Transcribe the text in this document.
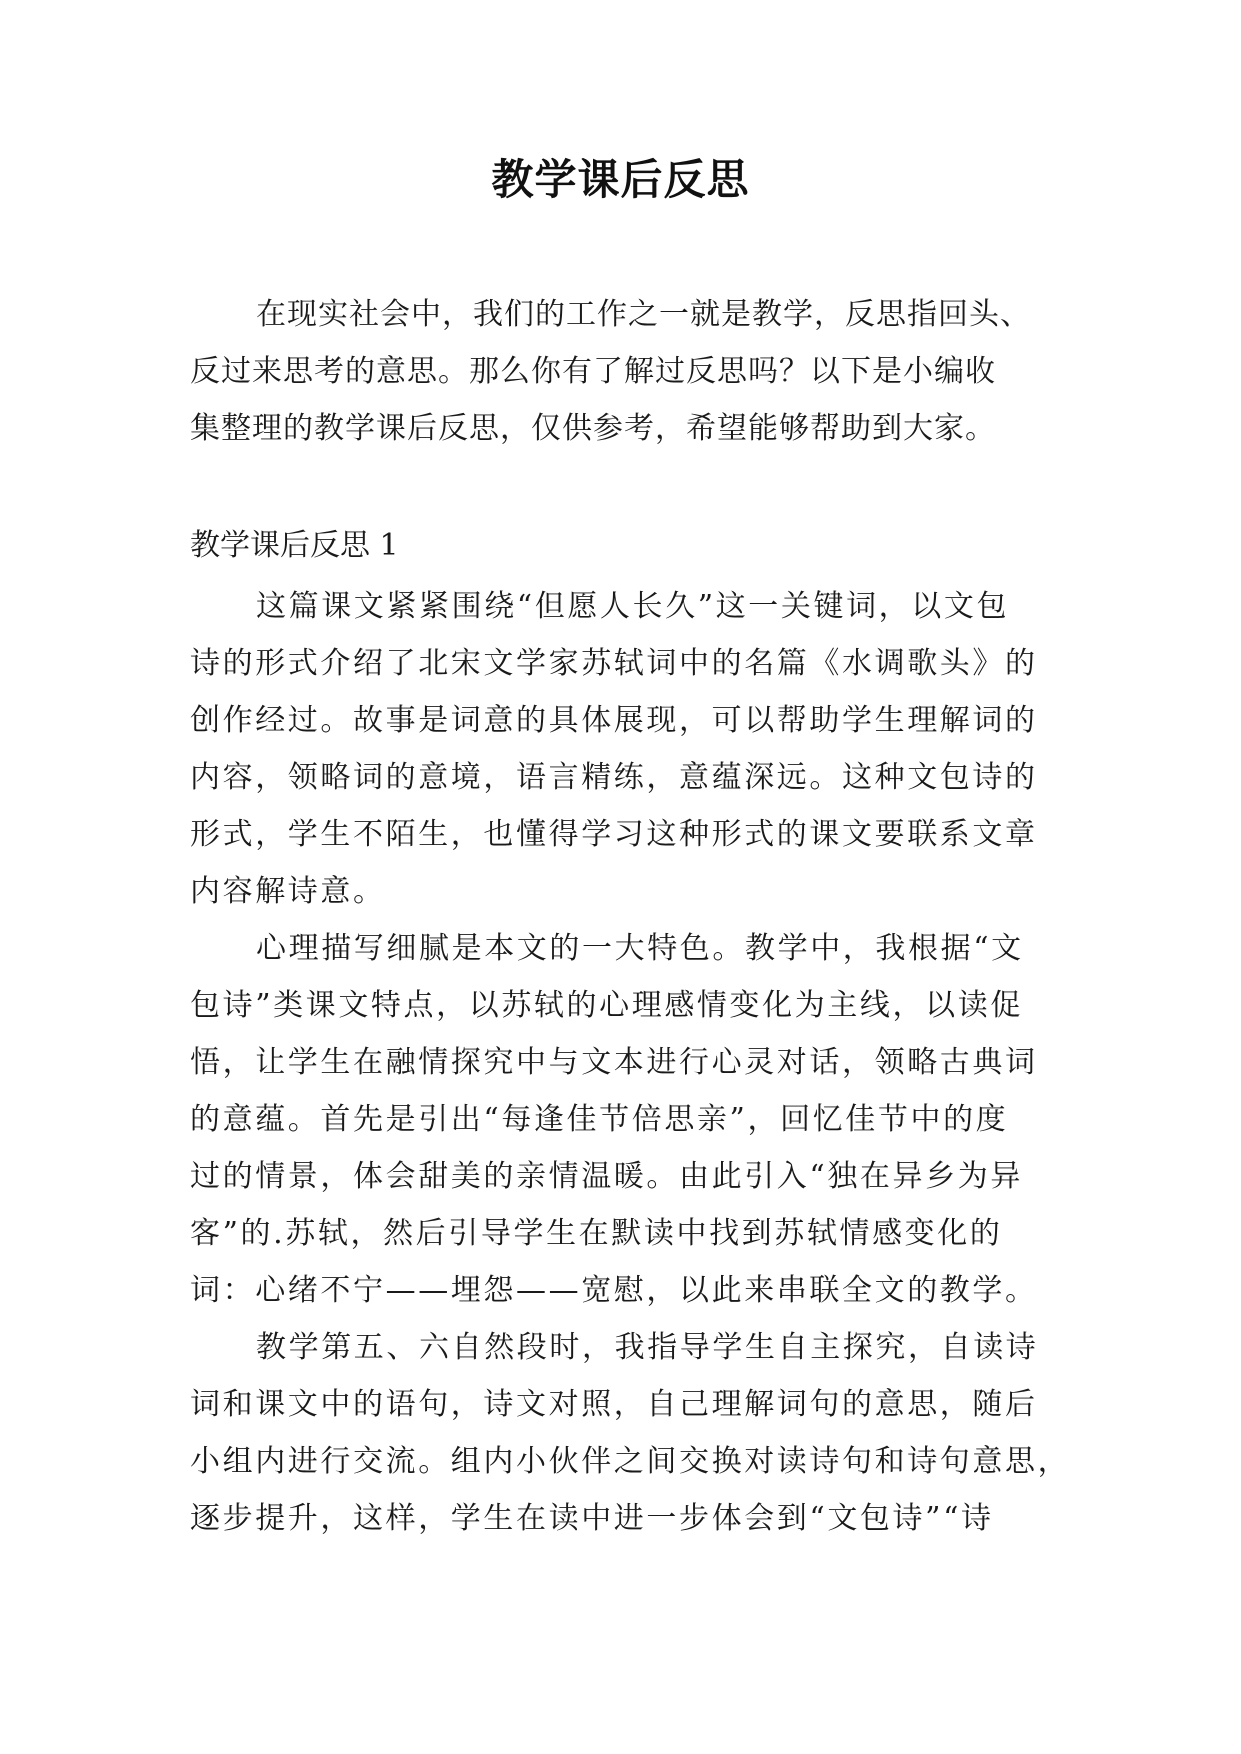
教学课后反思
在现实社会中，我们的工作之一就是教学，反思指回头、
反过来思考的意思。那么你有了解过反思吗？以下是小编收
集整理的教学课后反思，仅供参考，希望能够帮助到大家。
教学课后反思 1
这篇课文紧紧围绕“但愿人长久”这一关键词，以文包
诗的形式介绍了北宋文学家苏轼词中的名篇《水调歌头》的
创作经过。故事是词意的具体展现，可以帮助学生理解词的
内容，领略词的意境，语言精练，意蕴深远。这种文包诗的
形式，学生不陌生，也懂得学习这种形式的课文要联系文章
内容解诗意。
心理描写细腻是本文的一大特色。教学中，我根据“文
包诗”类课文特点，以苏轼的心理感情变化为主线，以读促
悟，让学生在融情探究中与文本进行心灵对话，领略古典词
的意蕴。首先是引出“每逢佳节倍思亲”，回忆佳节中的度
过的情景，体会甜美的亲情温暖。由此引入“独在异乡为异
客”的.苏轼，然后引导学生在默读中找到苏轼情感变化的
词：心绪不宁——埋怨——宽慰，以此来串联全文的教学。
教学第五、六自然段时，我指导学生自主探究，自读诗
词和课文中的语句，诗文对照，自己理解词句的意思，随后
小组内进行交流。组内小伙伴之间交换对读诗句和诗句意思，
逐步提升，这样，学生在读中进一步体会到“文包诗”“诗
